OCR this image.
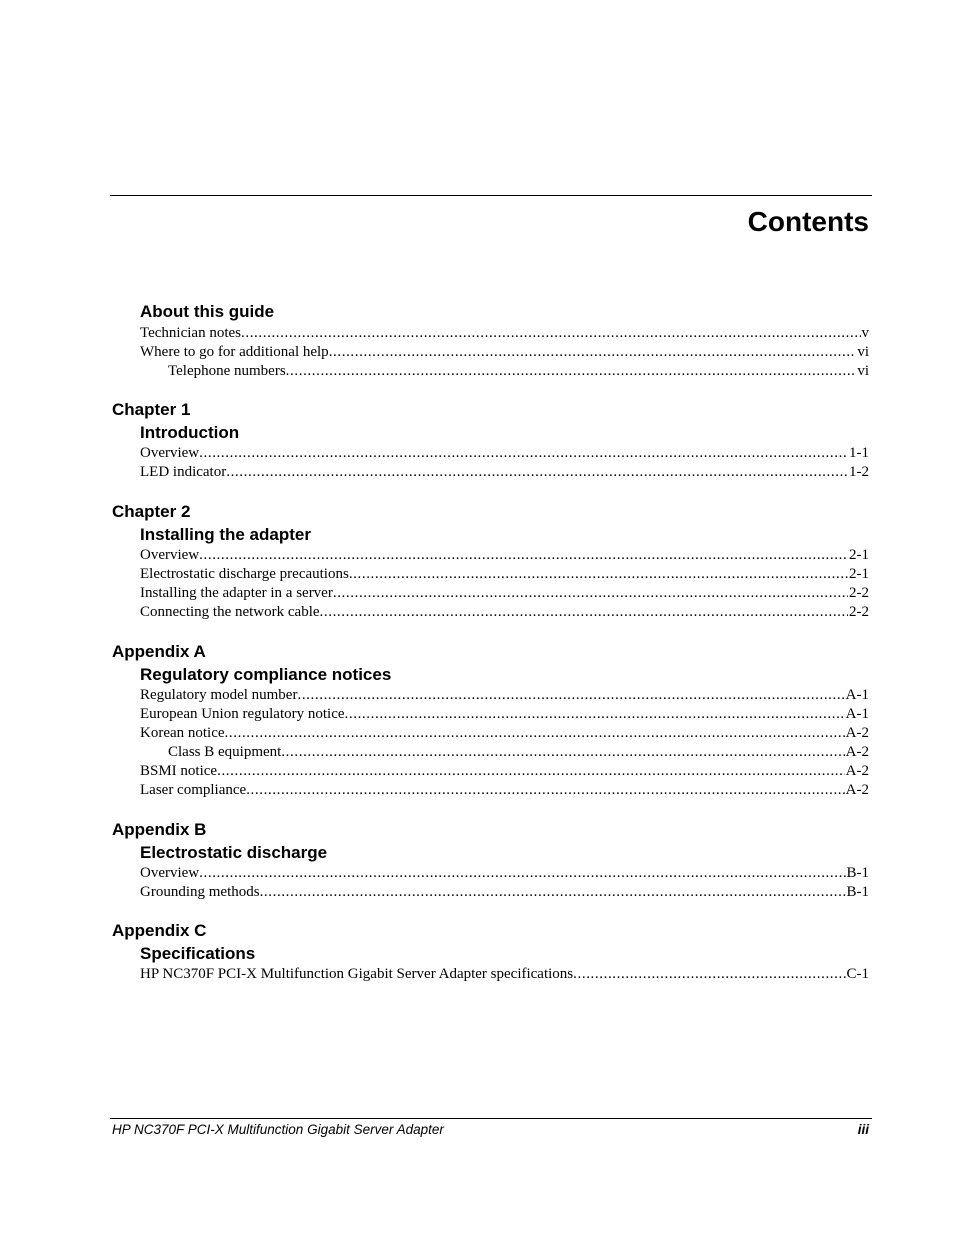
Contents
About this guide
Technician notes .....	v
Where to go for additional help .....	vi
Telephone numbers .....	vi
Chapter 1
Introduction
Overview .....	1-1
LED indicator .....	1-2
Chapter 2
Installing the adapter
Overview .....	2-1
Electrostatic discharge precautions .....	2-1
Installing the adapter in a server .....	2-2
Connecting the network cable .....	2-2
Appendix A
Regulatory compliance notices
Regulatory model number .....	A-1
European Union regulatory notice .....	A-1
Korean notice .....	A-2
Class B equipment .....	A-2
BSMI notice .....	A-2
Laser compliance .....	A-2
Appendix B
Electrostatic discharge
Overview .....	B-1
Grounding methods .....	B-1
Appendix C
Specifications
HP NC370F PCI-X Multifunction Gigabit Server Adapter specifications .....	C-1
HP NC370F PCI-X Multifunction Gigabit Server Adapter	iii
